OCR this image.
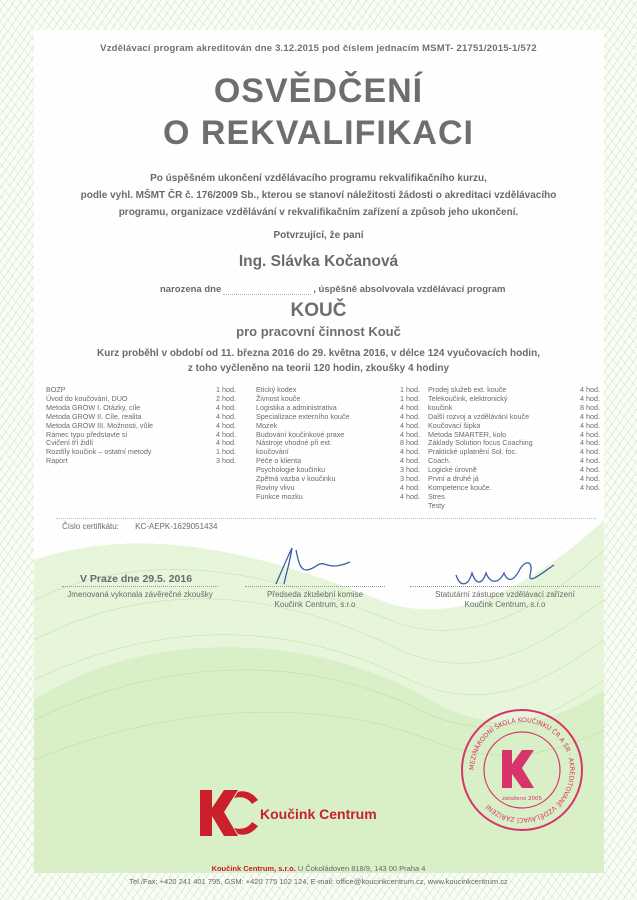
Vzdělávací program akreditován dne 3.12.2015 pod číslem jednacím MSMT- 21751/2015-1/572
OSVĚDČENÍ
O REKVALIFIKACI
Po úspěšném ukončení vzdělávacího programu rekvalifikačního kurzu,
podle vyhl. MŠMT ČR č. 176/2009 Sb., kterou se stanoví náležitosti žádosti o akreditaci vzdělávacího
programu, organizace vzdělávání v rekvalifikačním zařízení a způsob jeho ukončení.
Potvrzující, že paní
Ing. Slávka Kočanová
narozena dne	, úspěšně absolvovala vzdělávací program
KOUČ
pro pracovní činnost Kouč
Kurz proběhl v období od 11. března 2016 do 29. května 2016, v délce 124 vyučovacích hodin,
z toho vyčleněno na teorii 120 hodin, zkoušky 4 hodiny
BOZP	1 hod.
Úvod do koučování, DUO	2 hod.
Metoda GROW I. Otázky, cíle	4 hod.
Metoda GROW II. Cíle, realita	4 hod.
Metoda GROW III. Možnosti, vůle	4 hod.
Rámec typu představte si	4 hod.
Cvičení tří židlí	4 hod.
Rozdíly koučink – ostatní metody	1 hod.
Raport	3 hod.
Etický kodex	1 hod.
Živnost kouče	1 hod.
Logistika a administrativa	4 hod.
Specializace externího kouče	4 hod.
Mozek	4 hod.
Budování koučinkové praxe	4 hod.
Nástroje vhodné při ext.	8 hod.
koučování	4 hod.
Péče o klienta	4 hod.
Psychologie koučinku	3 hod.
Zpětná vazba v koučinku	3 hod.
Roviny vlivu	4 hod.
Funkce mozku	4 hod.
Prodej služeb ext. kouče	4 hod.
Telekoučink, elektronický	4 hod.
koučink	8 hod.
Další rozvoj a vzdělávání kouče	4 hod.
Koučovací šipka	4 hod.
Metoda SMARTER, kolo	4 hod.
Základy Solution focus Coaching	4 hod.
Praktické uplatnění Sol. foc.	4 hod.
Coach.	4 hod.
Logické úrovně	4 hod.
První a druhé já	4 hod.
Kompetence kouče.	4 hod.
Stres
Testy
Číslo certifikátu: KC-AEPK-1629051434
V Praze dne 29.5. 2016
Jmenovaná vykonala závěrečné zkoušky	Předseda zkušební komise
Koučink Centrum, s.r.o
Statutární zástupce vzdělávací zařízení
Koučink Centrum, s.r.o
MEZINÁRODNÍ ŠKOLA KOUČINKU ČR A SR · AKREDITOVANÉ VZDĚLÁVACÍ ZAŘÍZENÍ
založeno 2005
Koučink Centrum
Koučink Centrum, s.r.o. U Čokoládoven 818/9, 143 00 Praha 4
Tel./Fax: +420 241 401 795, GSM: +420 775 102 124, E-mail: office@koucinkcentrum.cz, www.koucinkcentrum.cz
